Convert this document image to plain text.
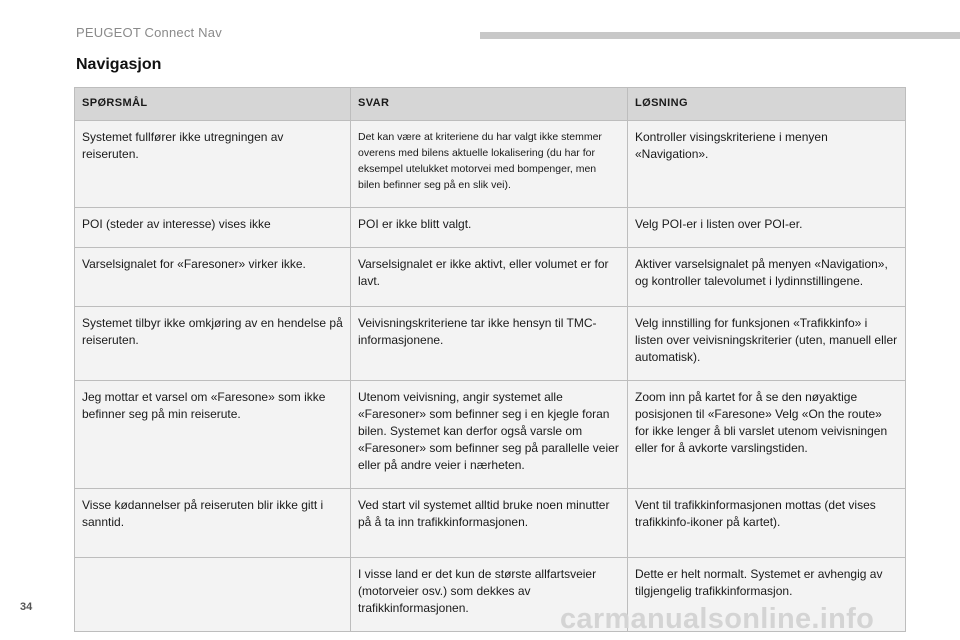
PEUGEOT Connect Nav
Navigasjon
SPØRSMÅL	SVAR	LØSNING
Systemet fullfører ikke utregningen av reiseruten.	Det kan være at kriteriene du har valgt ikke stemmer overens med bilens aktuelle lokalisering (du har for eksempel utelukket motorvei med bompenger, men bilen befinner seg på en slik vei).	Kontroller visingskriteriene i menyen «Navigation».
POI (steder av interesse) vises ikke	POI er ikke blitt valgt.	Velg POI-er i listen over POI-er.
Varselsignalet for «Faresoner» virker ikke.	Varselsignalet er ikke aktivt, eller volumet er for lavt.	Aktiver varselsignalet på menyen «Navigation», og kontroller talevolumet i lydinnstillingene.
Systemet tilbyr ikke omkjøring av en hendelse på reiseruten.	Veivisningskriteriene tar ikke hensyn til TMC-informasjonene.	Velg innstilling for funksjonen «Trafikkinfo» i listen over veivisningskriterier (uten, manuell eller automatisk).
Jeg mottar et varsel om «Faresone» som ikke befinner seg på min reiserute.	Utenom veivisning, angir systemet alle «Faresoner» som befinner seg i en kjegle foran bilen. Systemet kan derfor også varsle om «Faresoner» som befinner seg på parallelle veier eller på andre veier i nærheten.	Zoom inn på kartet for å se den nøyaktige posisjonen til «Faresone» Velg «On the route» for ikke lenger å bli varslet utenom veivisningen eller for å avkorte varslingstiden.
Visse kødannelser på reiseruten blir ikke gitt i sanntid.	Ved start vil systemet alltid bruke noen minutter på å ta inn trafikkinformasjonen.	Vent til trafikkinformasjonen mottas (det vises trafikkinfo-ikoner på kartet).
	I visse land er det kun de største allfartsveier (motorveier osv.) som dekkes av trafikkinformasjonen.	Dette er helt normalt. Systemet er avhengig av tilgjengelig trafikkinformasjon.
34	carmanualsonline.info
